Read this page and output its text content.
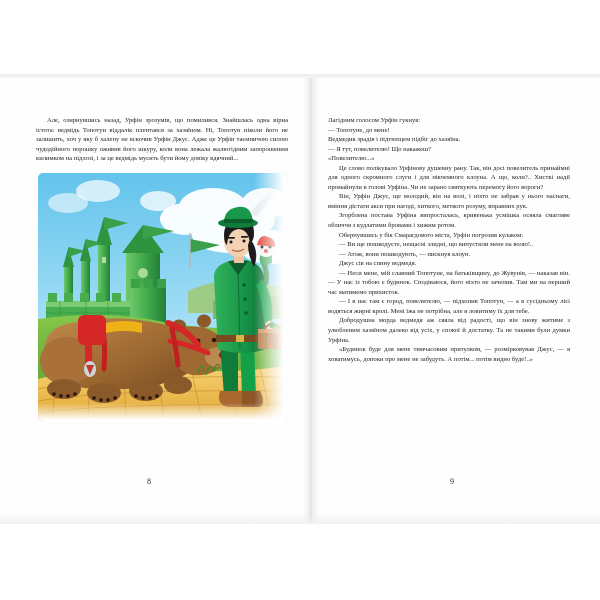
Але, озирнувшись назад, Урфін зрозумів, що помилився. Знайшлась одна вірна істота: ведмідь Топотун віддалік плентався за хазяїном. Ні, Топотун ніколи його не залишить, хоч у яку б халепу не вскочив Урфін Джус. Адже це Урфін таємничою силою чудодійного порошку оживив його шкуру, коли вона лежала жалюгідним запорошеним килимком на підлозі, і за це ведмідь мусить бути йому довіку вдячний...

8

Лагідним голосом Урфін гукнув:

— Топотуне, до мене!

Ведмедик зрадів і підтюпцем підбіг до хазяїна.

— Я тут, повелителю! Що накажеш?

«Повелителю...»

Це слово полікувало Урфінову душевну рану. Так, він досі повелитель принаймні для одного скромного слуги і для нікчемного клоуна. А що, коли?.. Хисткі надії промайнули в голові Урфіна. Чи не зарано святкують перемогу його вороги?

Він, Урфін Джус, ще молодий, він на волі, і ніхто не забрав у нього наснаги, вміння дістати акси при нагоді, хиткого, меткого розуму, вправних рук.

Згорблена постава Урфіна випросталась, кривенька усмішка осяяла смагляве обличчя з кудлатими бровами і хижим ротом.

Обернувшись у бік Смарагдового міста, Урфін погрозив кулаком:

— Ви ще пошкодуєте, нещасні злидні, що випустили мене на волю!..

— Атож, вони пошкодують, — пискнув клоун.

Джус сів на спину ведмедя.

— Неси мене, мій славний Топотуне, на батьківщину, до Жувунів, — наказав він. — У нас із тобою є будинок. Сподіваюся, його ніхто не зачепив. Там ми на перший час матимемо прихисток.

— І в нас там є город, повелителю, — підхопив Топотун, — а в сусідньому лісі водяться жирні кролі. Мені їжа не потрібна, але я ловитиму їх для тебе.

Добродушна морда ведмедя аж сяяла від радості, що він знову житиме з улюбленим хазяїном далеко від усіх, у спокої й достатку. Та не такими були думки Урфіна.

«Будинок буде для мене тимчасовим притулком, — розмірковував Джус, — я ховатимусь, допоки про мене не забудуть. А потім... потім видно буде!..»

9
